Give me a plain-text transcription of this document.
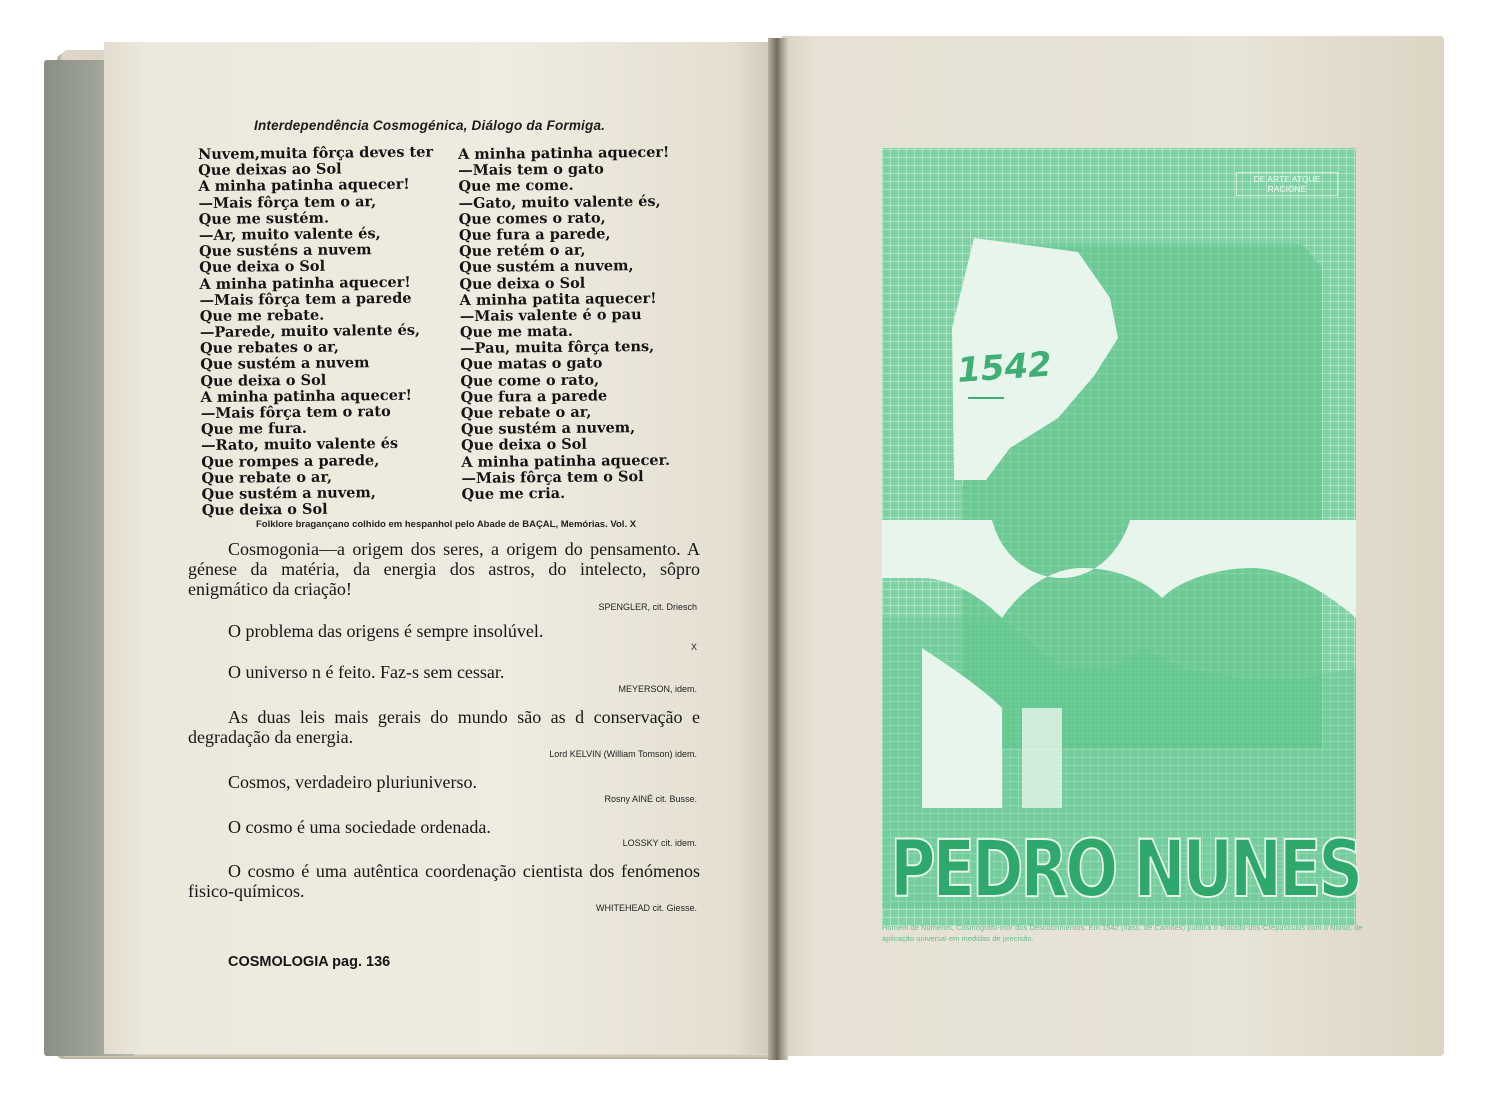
Interdependência Cosmogénica, Diálogo da Formiga.
Nuvem,muita fôrça deves ter
Que deixas ao Sol
A minha patinha aquecer!
—Mais fôrça tem o ar,
Que me sustém.
—Ar, muito valente és,
Que susténs a nuvem
Que deixa o Sol
A minha patinha aquecer!
—Mais fôrça tem a parede
Que me rebate.
—Parede, muito valente és,
Que rebates o ar,
Que sustém a nuvem
Que deixa o Sol
A minha patinha aquecer!
—Mais fôrça tem o rato
Que me fura.
—Rato, muito valente és
Que rompes a parede,
Que rebate o ar,
Que sustém a nuvem,
Que deixa o Sol
A minha patinha aquecer!
—Mais tem o gato
Que me come.
—Gato, muito valente és,
Que comes o rato,
Que fura a parede,
Que retém o ar,
Que sustém a nuvem,
Que deixa o Sol
A minha patita aquecer!
—Mais valente é o pau
Que me mata.
—Pau, muita fôrça tens,
Que matas o gato
Que come o rato,
Que fura a parede
Que rebate o ar,
Que sustém a nuvem,
Que deixa o Sol
A minha patinha aquecer.
—Mais fôrça tem o Sol
Que me cria.
Folklore bragançano colhido em hespanhol pelo Abade de BAÇAL, Memórias. Vol. X
Cosmogonia—a origem dos seres, a origem do pensamento. A génese da matéria, da energia dos astros, do intelecto, sôpro enigmático da criação!
SPENGLER, cit. Driesch
O problema das origens é sempre insolúvel.
X
O universo n é feito. Faz-s sem cessar.
MEYERSON, idem.
As duas leis mais gerais do mundo são as d conservação e degradação da energia.
Lord KELVIN (William Tomson) idem.
Cosmos, verdadeiro pluriuniverso.
Rosny AINÉ cit. Busse.
O cosmo é uma sociedade ordenada.
LOSSKY cit. idem.
O cosmo é uma autêntica coordenação cientista dos fenómenos fisico-químicos.
WHITEHEAD cit. Giesse.
COSMOLOGIA pag. 136
PEDRO NUNES
1542
DE ARTE ATQUE RACIONE
Homem de Numeros, Cosmógrafo-mór dos Descobrimentos. Em 1542 (nasc. de Camões) publica o Tratado-dos-Crepúsculos com o Nónio, de aplicação universal em medidas de precisão.
